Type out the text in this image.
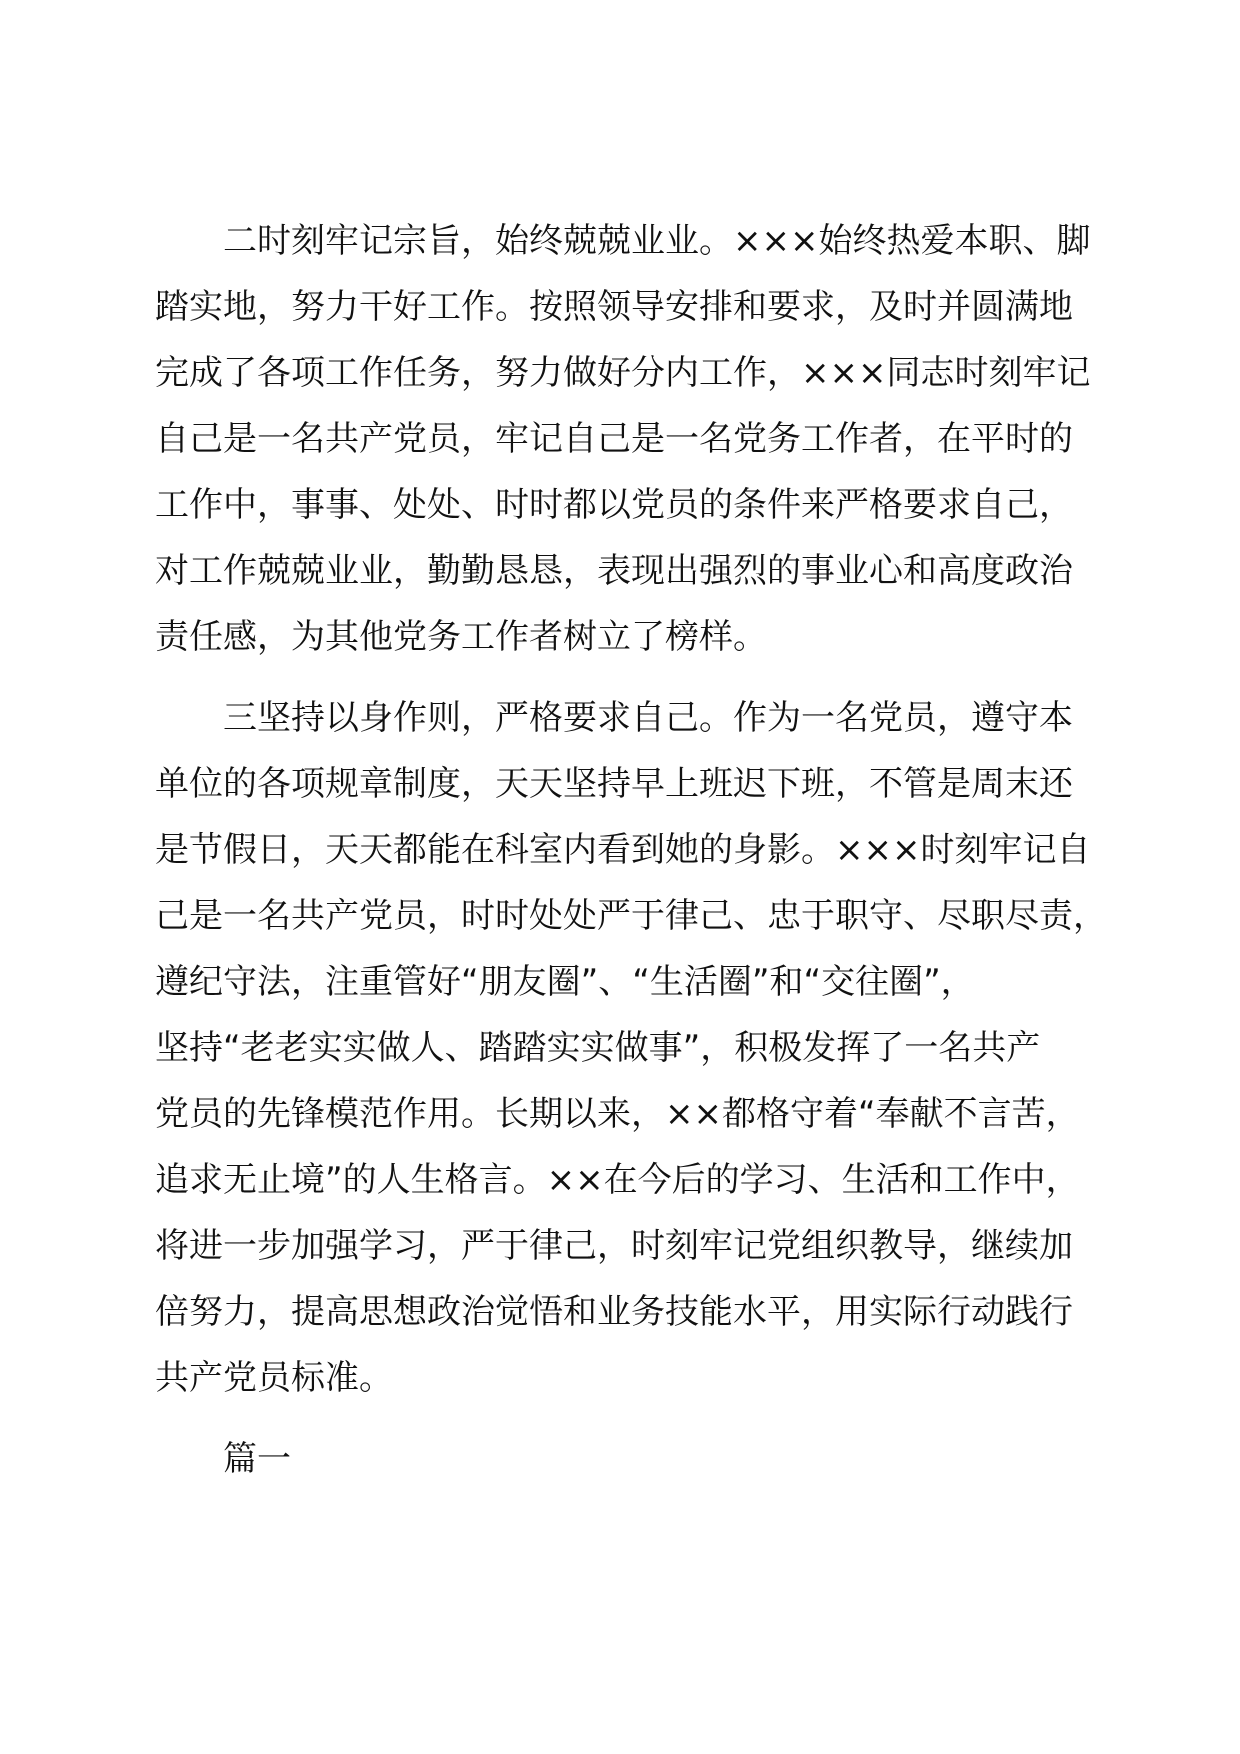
二时刻牢记宗旨，始终兢兢业业。×××始终热爱本职、脚
踏实地，努力干好工作。按照领导安排和要求，及时并圆满地
完成了各项工作任务，努力做好分内工作，×××同志时刻牢记
自己是一名共产党员，牢记自己是一名党务工作者，在平时的
工作中，事事、处处、时时都以党员的条件来严格要求自己，
对工作兢兢业业，勤勤恳恳，表现出强烈的事业心和高度政治
责任感，为其他党务工作者树立了榜样。
三坚持以身作则，严格要求自己。作为一名党员，遵守本
单位的各项规章制度，天天坚持早上班迟下班，不管是周末还
是节假日，天天都能在科室内看到她的身影。×××时刻牢记自
己是一名共产党员，时时处处严于律己、忠于职守、尽职尽责，
遵纪守法，注重管好“朋友圈”、“生活圈”和“交往圈”，
坚持“老老实实做人、踏踏实实做事”，积极发挥了一名共产
党员的先锋模范作用。长期以来，××都格守着“奉献不言苦，
追求无止境”的人生格言。××在今后的学习、生活和工作中，
将进一步加强学习，严于律己，时刻牢记党组织教导，继续加
倍努力，提高思想政治觉悟和业务技能水平，用实际行动践行
共产党员标准。
篇一
